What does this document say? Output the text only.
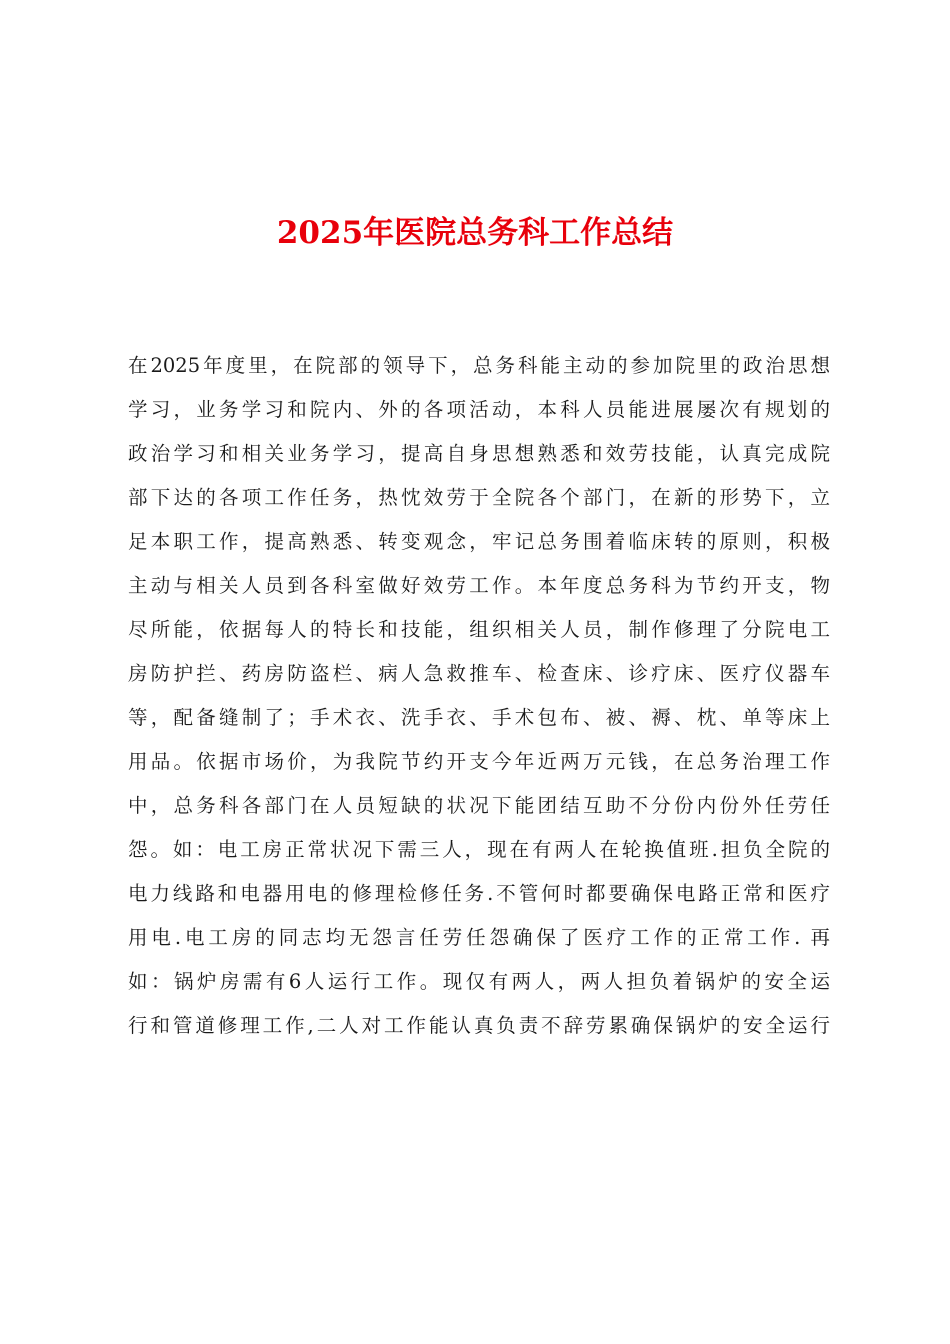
2025年医院总务科工作总结
在2025年度里，在院部的领导下，总务科能主动的参加院里的政治思想
学习，业务学习和院内、外的各项活动，本科人员能进展屡次有规划的
政治学习和相关业务学习，提高自身思想熟悉和效劳技能，认真完成院
部下达的各项工作任务，热忱效劳于全院各个部门，在新的形势下，立
足本职工作，提高熟悉、转变观念，牢记总务围着临床转的原则，积极
主动与相关人员到各科室做好效劳工作。本年度总务科为节约开支，物
尽所能，依据每人的特长和技能，组织相关人员，制作修理了分院电工
房防护拦、药房防盗栏、病人急救推车、检查床、诊疗床、医疗仪器车
等，配备缝制了；手术衣、洗手衣、手术包布、被、褥、枕、单等床上
用品。依据市场价，为我院节约开支今年近两万元钱，在总务治理工作
中，总务科各部门在人员短缺的状况下能团结互助不分份内份外任劳任
怨。如：电工房正常状况下需三人，现在有两人在轮换值班.担负全院的
电力线路和电器用电的修理检修任务.不管何时都要确保电路正常和医疗
用电.电工房的同志均无怨言任劳任怨确保了医疗工作的正常工作. 再
如：锅炉房需有6人运行工作。现仅有两人，两人担负着锅炉的安全运
行和管道修理工作,二人对工作能认真负责不辞劳累确保锅炉的安全运行
